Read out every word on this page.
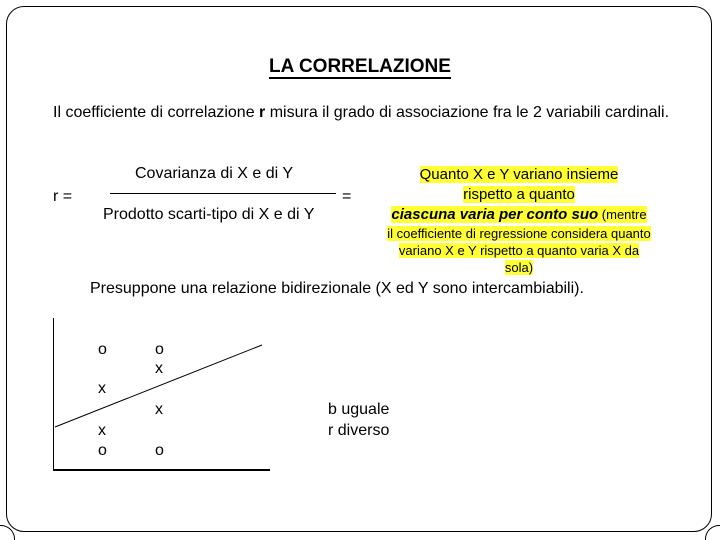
LA CORRELAZIONE
Il coefficiente di correlazione r misura il grado di associazione fra le 2 variabili cardinali.
r =
Covarianza di X e di Y
Prodotto scarti-tipo di X e di Y
=
Quanto X e Y variano insieme
rispetto a quanto
ciascuna varia per conto suo (mentre
il coefficiente di regressione considera quanto
variano X e Y rispetto a quanto varia X da
sola)
Presuppone una relazione bidirezionale (X ed Y sono intercambiabili).
o	o
x
x
x
x
o	o
b uguale
r diverso
